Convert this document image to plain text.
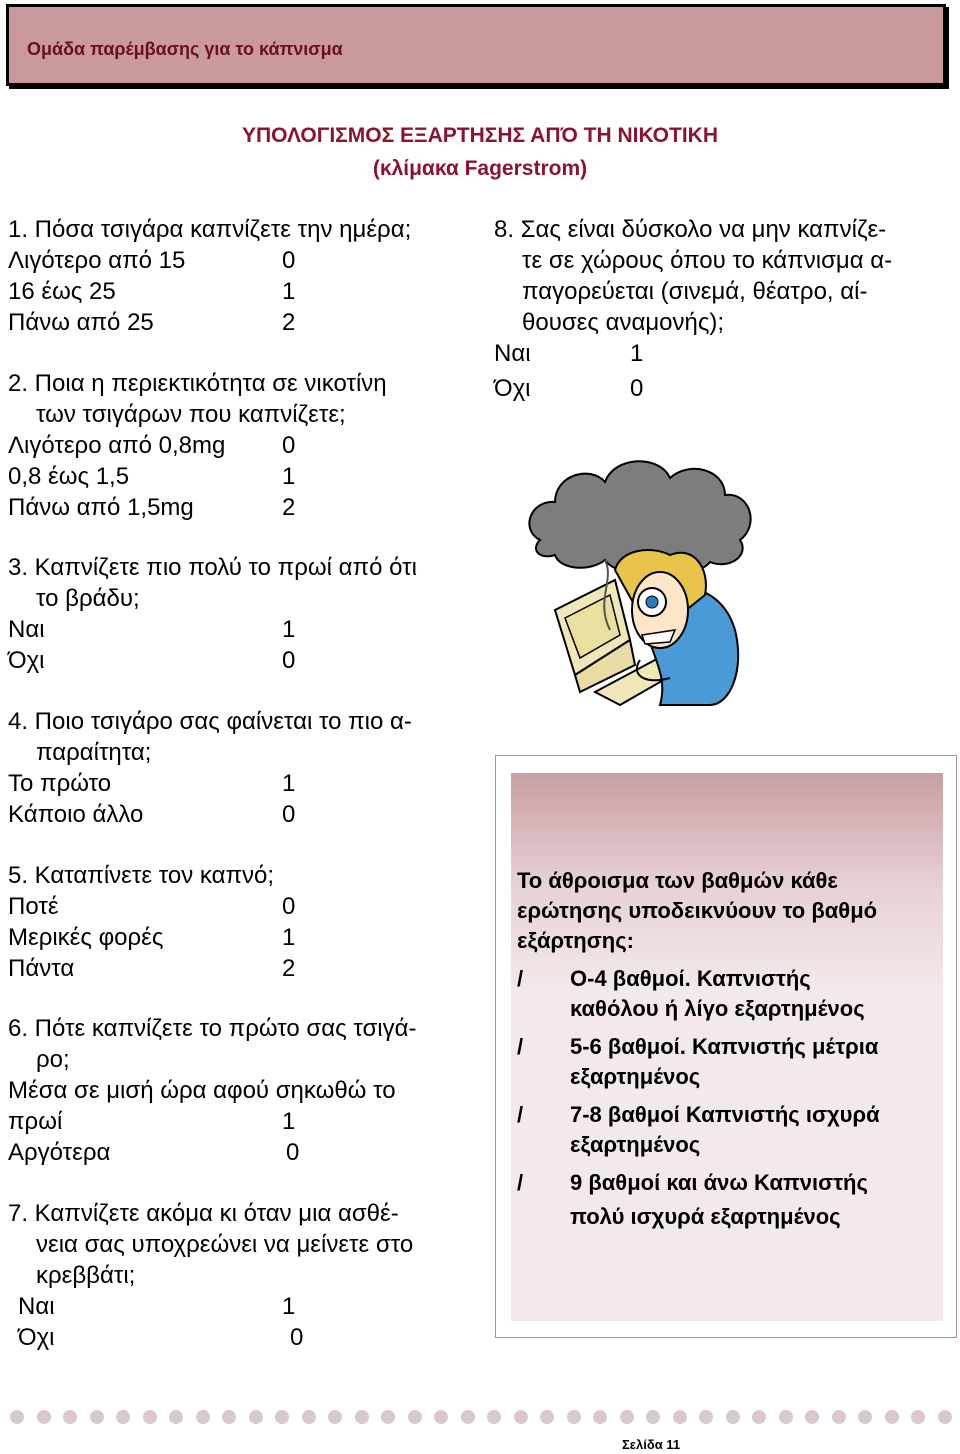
Ομάδα παρέμβασης για το κάπνισμα
ΥΠΟΛΟΓΙΣΜΟΣ ΕΞΑΡΤΗΣΗΣ ΑΠΌ ΤΗ ΝΙΚΟΤΙΚΗ
(κλίμακα Fagerstrom)
1. Πόσα τσιγάρα καπνίζετε την ημέρα;
Λιγότερο από 15	0
16 έως 25	1
Πάνω από 25	2
2. Ποια η περιεκτικότητα σε νικοτίνη
των τσιγάρων που καπνίζετε;
Λιγότερο από 0,8mg 0
0,8 έως 1,5	1
Πάνω από 1,5mg	2
3. Καπνίζετε πιο πολύ το πρωί από ότι
το βράδυ;
Ναι	1
Όχι	0
4. Ποιο τσιγάρο σας φαίνεται το πιο α-
παραίτητα;
Το πρώτο	1
Κάποιο άλλο	0
5. Καταπίνετε τον καπνό;
Ποτέ	0
Μερικές φορές	1
Πάντα	2
6. Πότε καπνίζετε το πρώτο σας τσιγά-
ρο;
Μέσα σε μισή ώρα αφού σηκωθώ το
πρωί	1
Αργότερα	0
7. Καπνίζετε ακόμα κι όταν μια ασθέ-
νεια σας υποχρεώνει να μείνετε στο
κρεββάτι;
Ναι	1
Όχι	0
8. Σας είναι δύσκολο να μην καπνίζε-
τε σε χώρους όπου το κάπνισμα α-
παγορεύεται (σινεμά, θέατρο, αί-
θουσες αναμονής);
Ναι	1
Όχι	0
Το άθροισμα των βαθμών κάθε
ερώτησης υποδεικνύουν το βαθμό
εξάρτησης:
/ Ο-4 βαθμοί. Καπνιστής
καθόλου ή λίγο εξαρτημένος
/ 5-6 βαθμοί. Καπνιστής μέτρια
εξαρτημένος
/ 7-8 βαθμοί Καπνιστής ισχυρά
εξαρτημένος
/ 9 βαθμοί και άνω Καπνιστής
πολύ ισχυρά εξαρτημένος
Σελίδα 11
